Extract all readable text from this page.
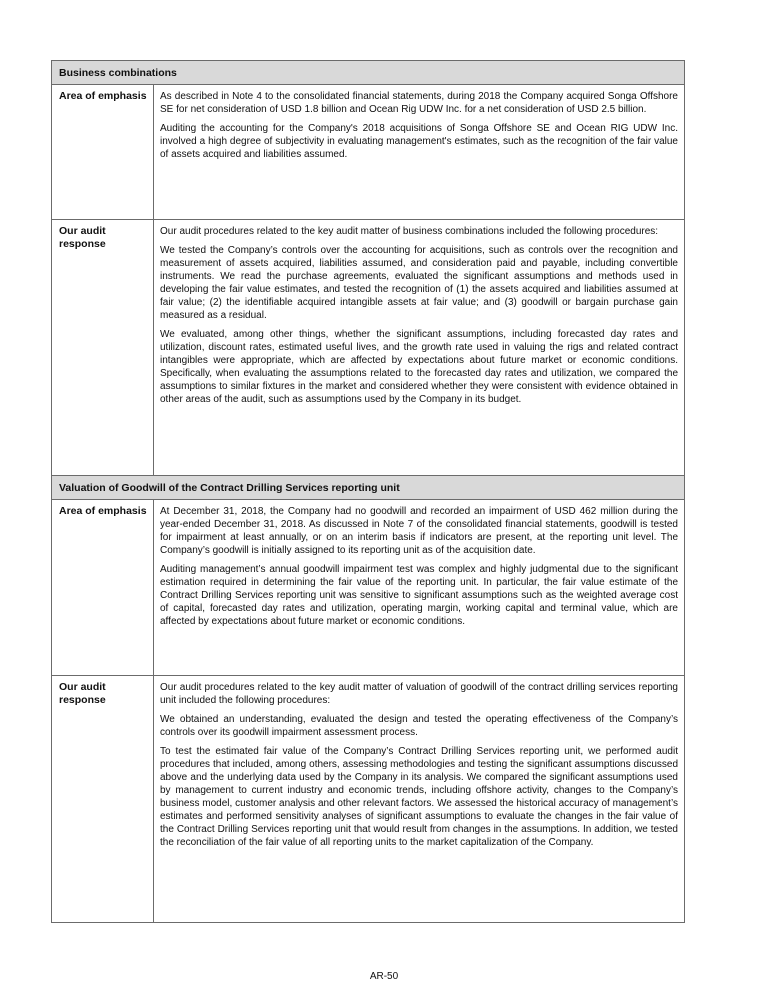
Business combinations
Area of emphasis	As described in Note 4 to the consolidated financial statements, during 2018 the Company acquired Songa Offshore SE for net consideration of USD 1.8 billion and Ocean Rig UDW Inc. for a net consideration of USD 2.5 billion.

Auditing the accounting for the Company's 2018 acquisitions of Songa Offshore SE and Ocean RIG UDW Inc. involved a high degree of subjectivity in evaluating management's estimates, such as the recognition of the fair value of assets acquired and liabilities assumed.

Our audit response

Our audit procedures related to the key audit matter of business combinations included the following procedures:

We tested the Company’s controls over the accounting for acquisitions, such as controls over the recognition and measurement of assets acquired, liabilities assumed, and consideration paid and payable, including convertible instruments. We read the purchase agreements, evaluated the significant assumptions and methods used in developing the fair value estimates, and tested the recognition of (1) the assets acquired and liabilities assumed at fair value; (2) the identifiable acquired intangible assets at fair value; and (3) goodwill or bargain purchase gain measured as a residual.

We evaluated, among other things, whether the significant assumptions, including forecasted day rates and utilization, discount rates, estimated useful lives, and the growth rate used in valuing the rigs and related contract intangibles were appropriate, which are affected by expectations about future market or economic conditions. Specifically, when evaluating the assumptions related to the forecasted day rates and utilization, we compared the assumptions to similar fixtures in the market and considered whether they were consistent with evidence obtained in other areas of the audit, such as assumptions used by the Company in its budget.

Valuation of Goodwill of the Contract Drilling Services reporting unit
Area of emphasis	At December 31, 2018, the Company had no goodwill and recorded an impairment of USD 462 million during the year-ended December 31, 2018. As discussed in Note 7 of the consolidated financial statements, goodwill is tested for impairment at least annually, or on an interim basis if indicators are present, at the reporting unit level. The Company’s goodwill is initially assigned to its reporting unit as of the acquisition date.

Auditing management’s annual goodwill impairment test was complex and highly judgmental due to the significant estimation required in determining the fair value of the reporting unit. In particular, the fair value estimate of the Contract Drilling Services reporting unit was sensitive to significant assumptions such as the weighted average cost of capital, forecasted day rates and utilization, operating margin, working capital and terminal value, which are affected by expectations about future market or economic conditions.

Our audit response

Our audit procedures related to the key audit matter of valuation of goodwill of the contract drilling services reporting unit included the following procedures:

We obtained an understanding, evaluated the design and tested the operating effectiveness of the Company’s controls over its goodwill impairment assessment process.

To test the estimated fair value of the Company’s Contract Drilling Services reporting unit, we performed audit procedures that included, among others, assessing methodologies and testing the significant assumptions discussed above and the underlying data used by the Company in its analysis. We compared the significant assumptions used by management to current industry and economic trends, including offshore activity, changes to the Company’s business model, customer analysis and other relevant factors. We assessed the historical accuracy of management’s estimates and performed sensitivity analyses of significant assumptions to evaluate the changes in the fair value of the Contract Drilling Services reporting unit that would result from changes in the assumptions. In addition, we tested the reconciliation of the fair value of all reporting units to the market capitalization of the Company.

AR-50
